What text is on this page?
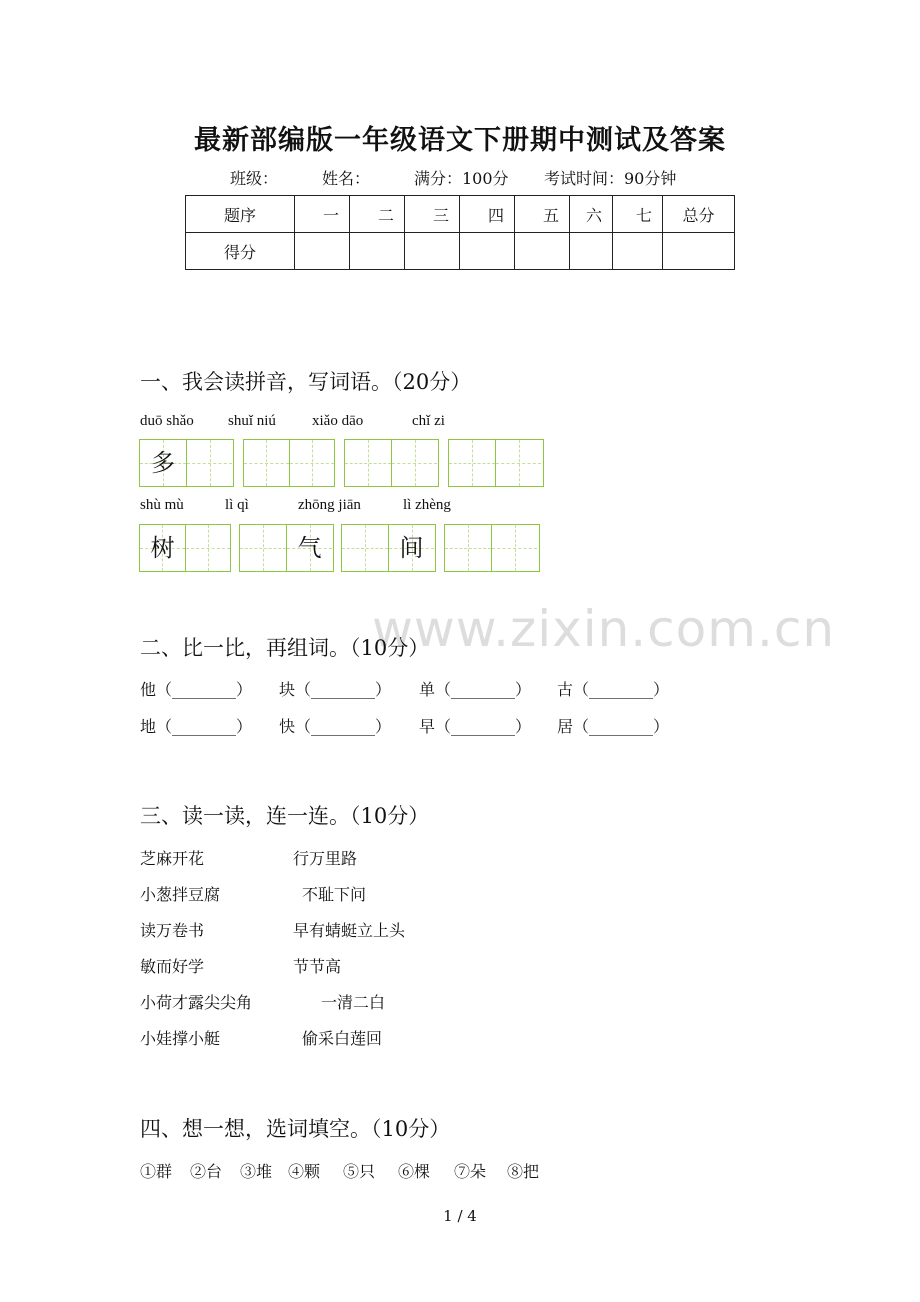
最新部编版一年级语文下册期中测试及答案
班级：	姓名：	满分：100分 考试时间：90分钟
题序	一	二	三	四	五	六	七	总分
得分								
一、我会读拼音，写词语。（20分）
duō shǎo shuǐ niú xiǎo dāo	chǐ zi
多
shù mù	lì qì	zhōng jiān	lì zhèng
树	气	间
www.zixin.com.cn
二、比一比，再组词。（10分）
他（________） 块（________） 单（________） 古（________）
地（________） 快（________） 早（________） 居（________）
三、读一读，连一连。（10分）
芝麻开花	行万里路
小葱拌豆腐	不耻下问
读万卷书	早有蜻蜓立上头
敏而好学	节节高
小荷才露尖尖角	一清二白
小娃撑小艇	偷采白莲回
四、想一想，选词填空。（10分）
①群 ②台 ③堆 ④颗 ⑤只 ⑥棵 ⑦朵 ⑧把
1 / 4
